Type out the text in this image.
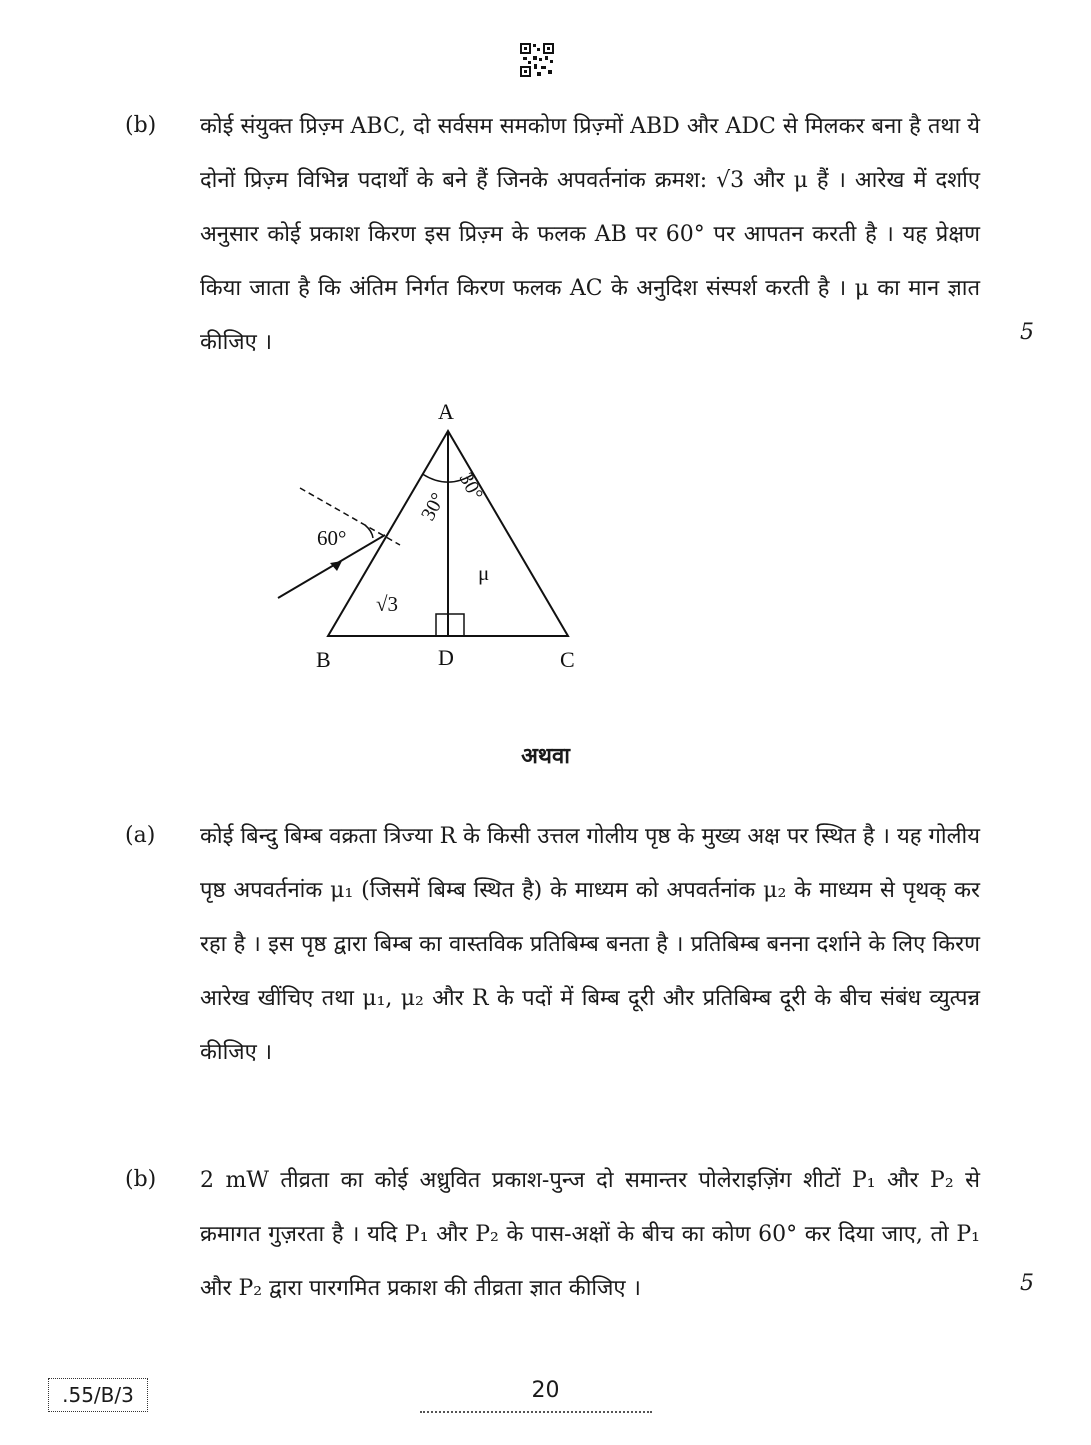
(b) कोई संयुक्त प्रिज़्म ABC, दो सर्वसम समकोण प्रिज़्मों ABD और ADC से मिलकर बना है तथा ये दोनों प्रिज़्म विभिन्न पदार्थों के बने हैं जिनके अपवर्तनांक क्रमश: √3 और μ हैं । आरेख में दर्शाए अनुसार कोई प्रकाश किरण इस प्रिज़्म के फलक AB पर 60° पर आपतन करती है । यह प्रेक्षण किया जाता है कि अंतिम निर्गत किरण फलक AC के अनुदिश संस्पर्श करती है । μ का मान ज्ञात कीजिए ।	5
A
B	D	C
30°
30°
60°
√3
μ
अथवा
(a) कोई बिन्दु बिम्ब वक्रता त्रिज्या R के किसी उत्तल गोलीय पृष्ठ के मुख्य अक्ष पर स्थित है । यह गोलीय पृष्ठ अपवर्तनांक μ₁ (जिसमें बिम्ब स्थित है) के माध्यम को अपवर्तनांक μ₂ के माध्यम से पृथक् कर रहा है । इस पृष्ठ द्वारा बिम्ब का वास्तविक प्रतिबिम्ब बनता है । प्रतिबिम्ब बनना दर्शाने के लिए किरण आरेख खींचिए तथा μ₁, μ₂ और R के पदों में बिम्ब दूरी और प्रतिबिम्ब दूरी के बीच संबंध व्युत्पन्न कीजिए ।
(b) 2 mW तीव्रता का कोई अध्रुवित प्रकाश-पुन्ज दो समान्तर पोलेराइज़िंग शीटों P₁ और P₂ से क्रमागत गुज़रता है । यदि P₁ और P₂ के पास-अक्षों के बीच का कोण 60° कर दिया जाए, तो P₁ और P₂ द्वारा पारगमित प्रकाश की तीव्रता ज्ञात कीजिए ।	5
.55/B/3	20
